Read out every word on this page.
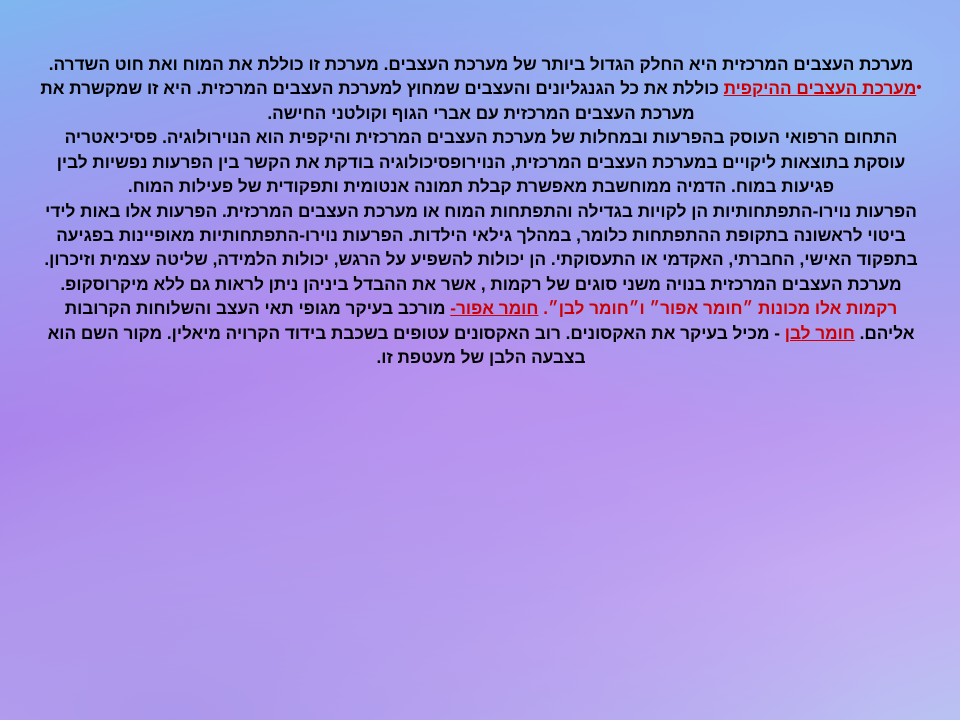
מערכת העצבים המרכזית היא החלק הגדול ביותר של מערכת העצבים. מערכת זו כוללת את המוח ואת חוט השדרה.

•מערכת העצבים ההיקפית כוללת את כל הגנגליונים והעצבים שמחוץ למערכת העצבים המרכזית. היא זו שמקשרת את מערכת העצבים המרכזית עם אברי הגוף וקולטני החישה.

התחום הרפואי העוסק בהפרעות ובמחלות של מערכת העצבים המרכזית והיקפית הוא הנוירולוגיה. פסיכיאטריה עוסקת בתוצאות ליקויים במערכת העצבים המרכזית, הנוירופסיכולוגיה בודקת את הקשר בין הפרעות נפשיות לבין פגיעות במוח. הדמיה ממוחשבת מאפשרת קבלת תמונה אנטומית ותפקודית של פעילות המוח.

הפרעות נוירו-התפתחותיות הן לקויות בגדילה והתפתחות המוח או מערכת העצבים המרכזית. הפרעות אלו באות לידי ביטוי לראשונה בתקופת ההתפתחות כלומר, במהלך גילאי הילדות. הפרעות נוירו-התפתחותיות מאופיינות בפגיעה בתפקוד האישי, החברתי, האקדמי או התעסוקתי. הן יכולות להשפיע על הרגש, יכולות הלמידה, שליטה עצמית וזיכרון.

מערכת העצבים המרכזית בנויה משני סוגים של רקמות , אשר את ההבדל ביניהן ניתן לראות גם ללא מיקרוסקופ. רקמות אלו מכונות ״חומר אפור״ ו״חומר לבן״. חומר אפור- מורכב בעיקר מגופי תאי העצב והשלוחות הקרובות אליהם. חומר לבן - מכיל בעיקר את האקסונים. רוב האקסונים עטופים בשכבת בידוד הקרויה מיאלין. מקור השם הוא בצבעה הלבן של מעטפת זו.
